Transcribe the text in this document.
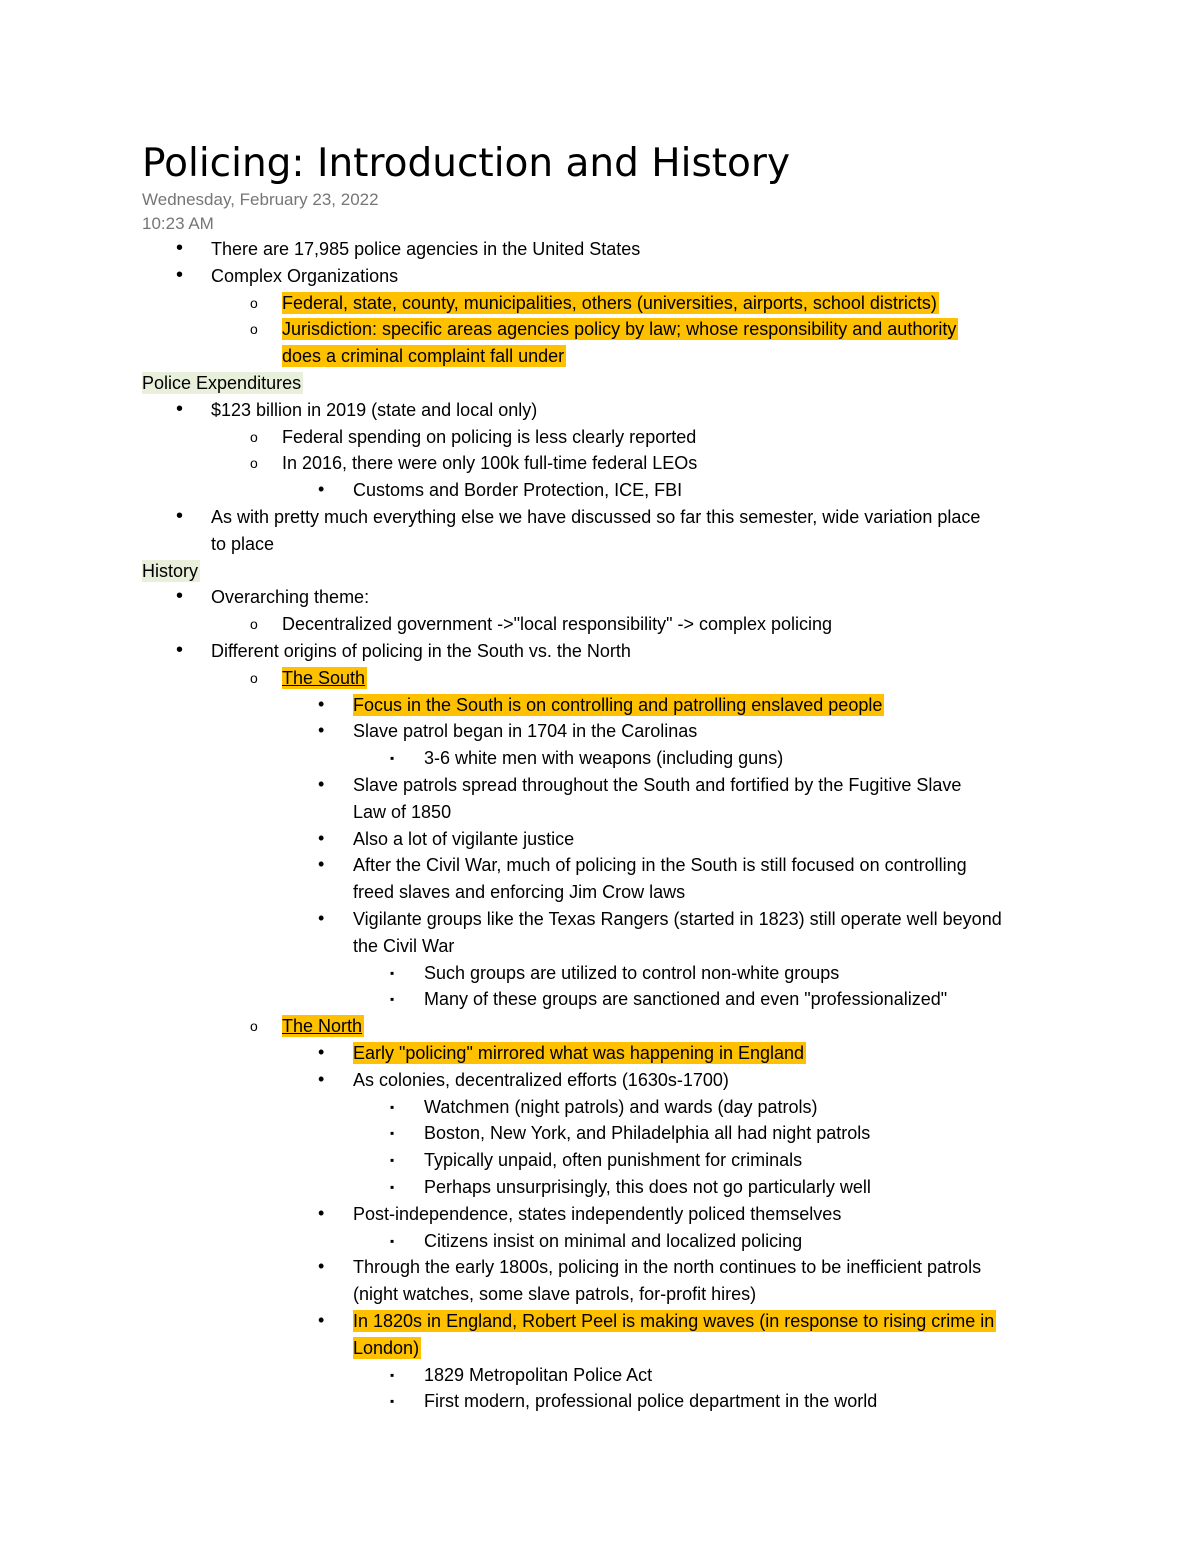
Policing: Introduction and History
Wednesday, February 23, 2022
10:23 AM
• There are 17,985 police agencies in the United States
• Complex Organizations
o Federal, state, county, municipalities, others (universities, airports, school districts)
o Jurisdiction: specific areas agencies policy by law; whose responsibility and authority
does a criminal complaint fall under
Police Expenditures
• $123 billion in 2019 (state and local only)
o Federal spending on policing is less clearly reported
o In 2016, there were only 100k full-time federal LEOs
• Customs and Border Protection, ICE, FBI
• As with pretty much everything else we have discussed so far this semester, wide variation place
to place
History
• Overarching theme:
o Decentralized government ->"local responsibility" -> complex policing
• Different origins of policing in the South vs. the North
o The South
• Focus in the South is on controlling and patrolling enslaved people
• Slave patrol began in 1704 in the Carolinas
▪ 3-6 white men with weapons (including guns)
• Slave patrols spread throughout the South and fortified by the Fugitive Slave
Law of 1850
• Also a lot of vigilante justice
• After the Civil War, much of policing in the South is still focused on controlling
freed slaves and enforcing Jim Crow laws
• Vigilante groups like the Texas Rangers (started in 1823) still operate well beyond
the Civil War
▪ Such groups are utilized to control non-white groups
▪ Many of these groups are sanctioned and even "professionalized"
o The North
• Early "policing" mirrored what was happening in England
• As colonies, decentralized efforts (1630s-1700)
▪ Watchmen (night patrols) and wards (day patrols)
▪ Boston, New York, and Philadelphia all had night patrols
▪ Typically unpaid, often punishment for criminals
▪ Perhaps unsurprisingly, this does not go particularly well
• Post-independence, states independently policed themselves
▪ Citizens insist on minimal and localized policing
• Through the early 1800s, policing in the north continues to be inefficient patrols
(night watches, some slave patrols, for-profit hires)
• In 1820s in England, Robert Peel is making waves (in response to rising crime in
London)
▪ 1829 Metropolitan Police Act
▪ First modern, professional police department in the world
